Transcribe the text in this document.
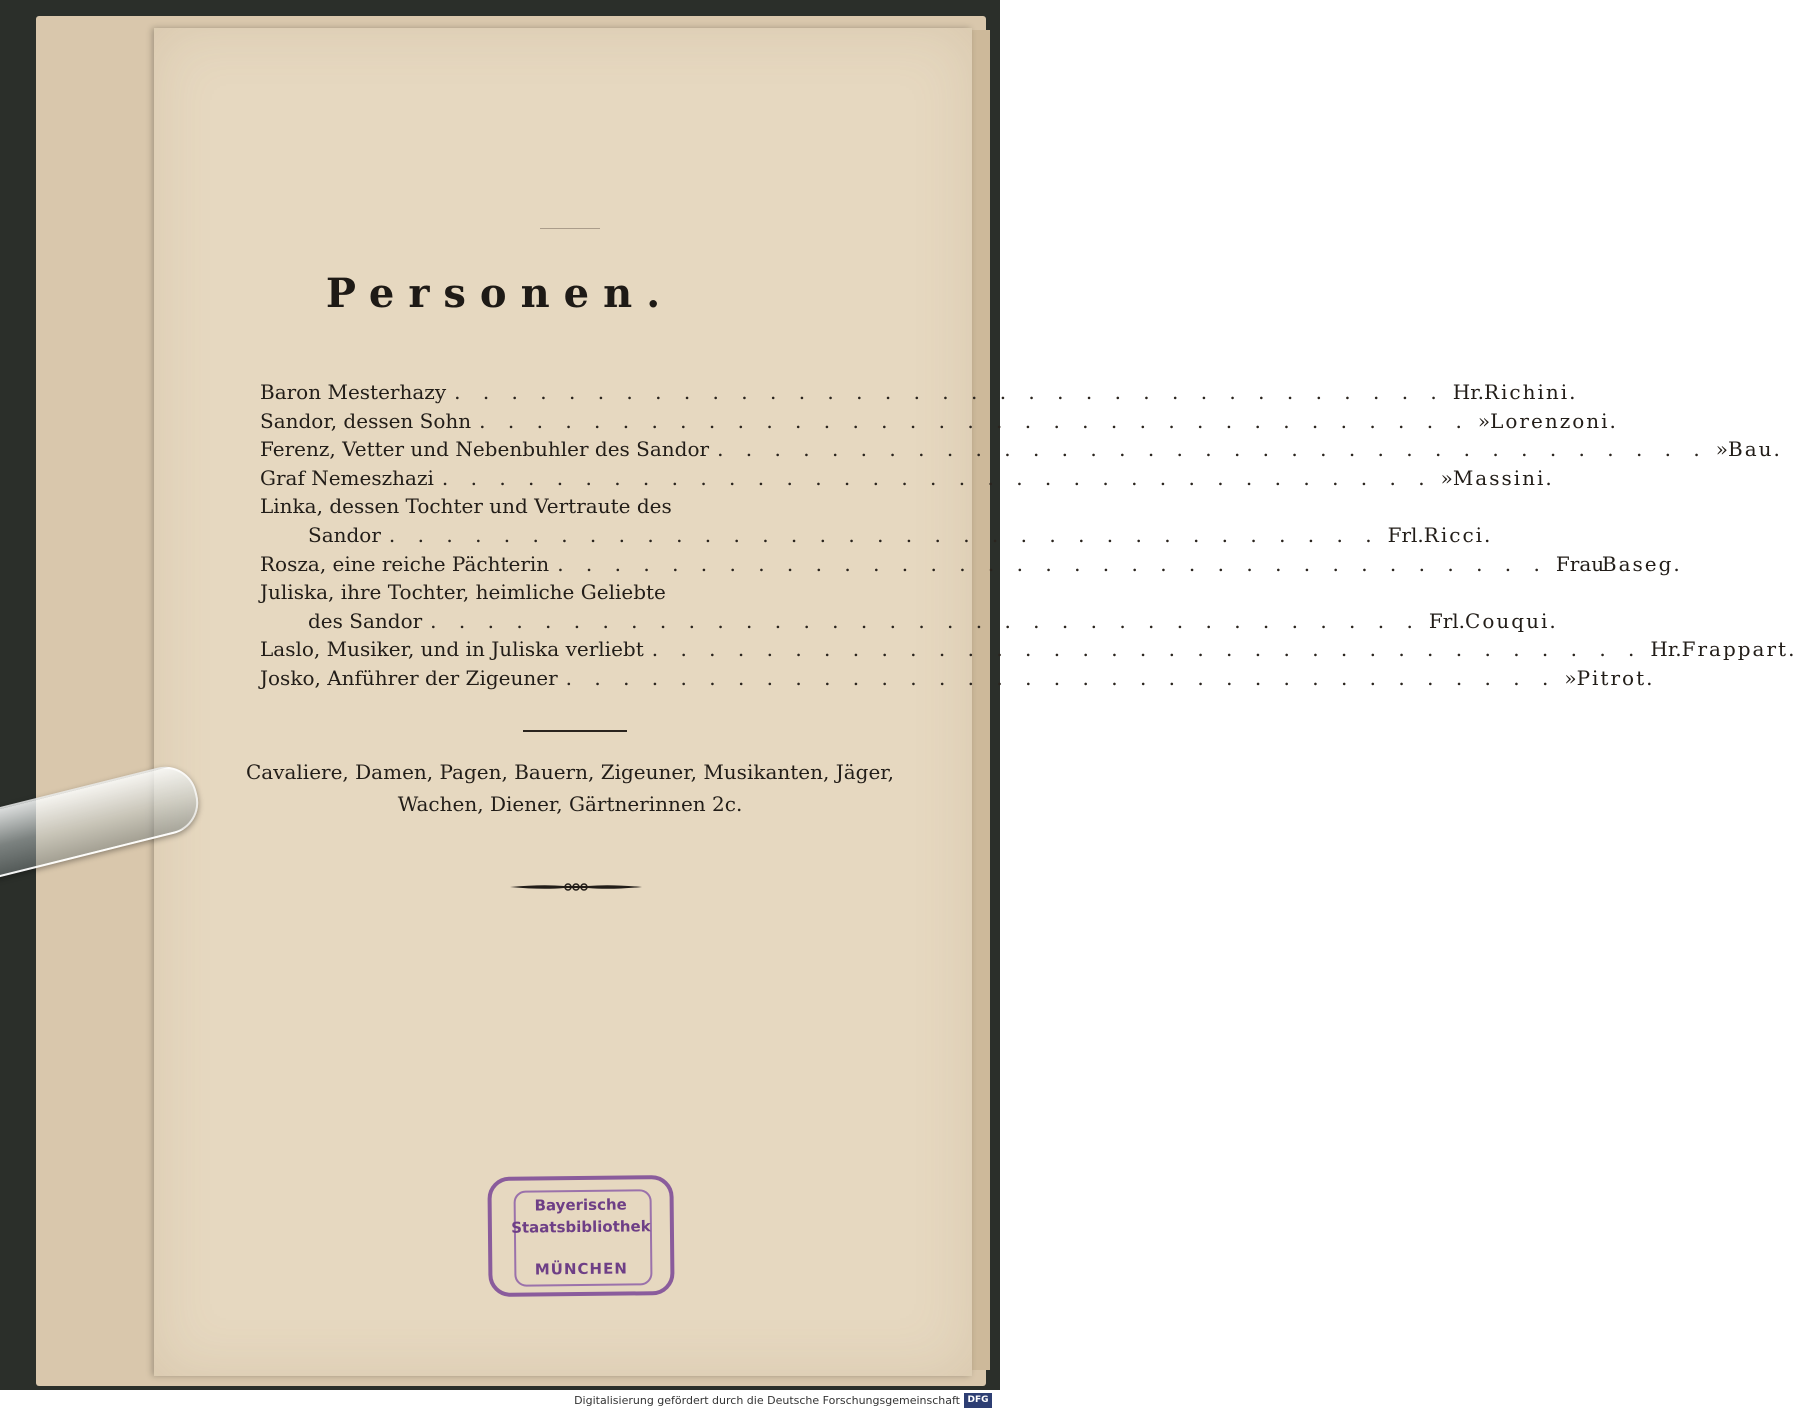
Personen.
Baron Mesterhazy . . . . . . . . . . . . . . . . . . . . . . . . . . . . . . . . . . . Hr. Richini.
Sandor, dessen Sohn . . . . . . . . . . . . . . . . . . . . . . . . . . . . . . . . . . . » Lorenzoni.
Ferenz, Vetter und Nebenbuhler des Sandor . . . . . . . . . . . . . . . . . . . . . . . . . . . . . . . . . . . » Bau.
Graf Nemeszhazi . . . . . . . . . . . . . . . . . . . . . . . . . . . . . . . . . . . » Massini.
Linka, dessen Tochter und Vertraute des
Sandor . . . . . . . . . . . . . . . . . . . . . . . . . . . . . . . . . . . Frl. Ricci.
Rosza, eine reiche Pächterin . . . . . . . . . . . . . . . . . . . . . . . . . . . . . . . . . . . Frau
Baseg.
Juliska, ihre Tochter, heimliche Geliebte
des Sandor . . . . . . . . . . . . . . . . . . . . . . . . . . . . . . . . . . . Frl. Couqui.
Laslo, Musiker, und in Juliska verliebt . . . . . . . . . . . . . . . . . . . . . . . . . . . . . . . . . . . Hr. Frappart.
Josko, Anführer der Zigeuner . . . . . . . . . . . . . . . . . . . . . . . . . . . . . . . . . . . » Pitrot.
Cavaliere, Damen, Pagen, Bauern, Zigeuner, Musikanten, Jäger,
Wachen, Diener, Gärtnerinnen 2c.
Bayerische
Staatsbibliothek
MÜNCHEN
Digitalisierung gefördert durch die Deutsche Forschungsgemeinschaft DFG
